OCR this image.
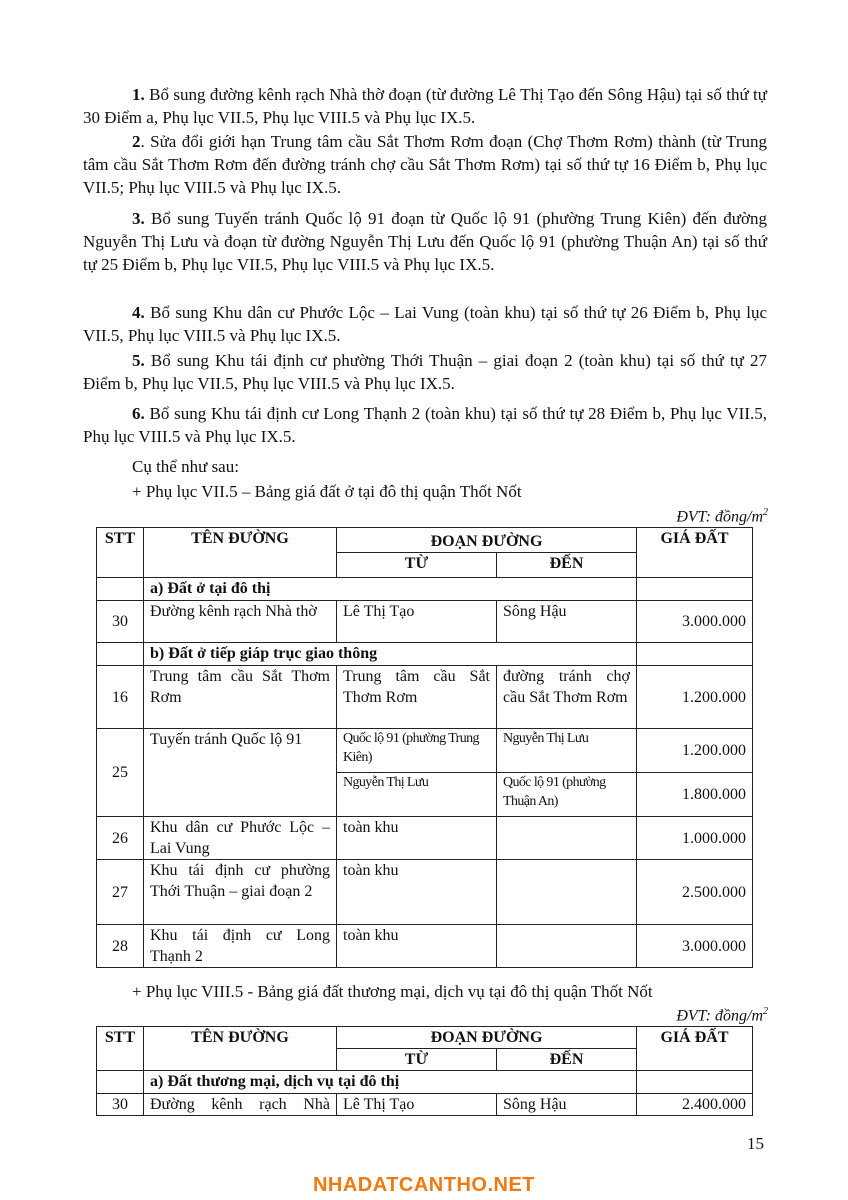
1. Bổ sung đường kênh rạch Nhà thờ đoạn (từ đường Lê Thị Tạo đến Sông Hậu) tại số thứ tự 30 Điểm a, Phụ lục VII.5, Phụ lục VIII.5 và Phụ lục IX.5.

2. Sửa đổi giới hạn Trung tâm cầu Sắt Thơm Rơm đoạn (Chợ Thơm Rơm) thành (từ Trung tâm cầu Sắt Thơm Rơm đến đường tránh chợ cầu Sắt Thơm Rơm) tại số thứ tự 16 Điểm b, Phụ lục VII.5; Phụ lục VIII.5 và Phụ lục IX.5.

3. Bổ sung Tuyến tránh Quốc lộ 91 đoạn từ Quốc lộ 91 (phường Trung Kiên) đến đường Nguyễn Thị Lưu và đoạn từ đường Nguyễn Thị Lưu đến Quốc lộ 91 (phường Thuận An) tại số thứ tự 25 Điểm b, Phụ lục VII.5, Phụ lục VIII.5 và Phụ lục IX.5.

4. Bổ sung Khu dân cư Phước Lộc – Lai Vung (toàn khu) tại số thứ tự 26 Điểm b, Phụ lục VII.5, Phụ lục VIII.5 và Phụ lục IX.5.

5. Bổ sung Khu tái định cư phường Thới Thuận – giai đoạn 2 (toàn khu) tại số thứ tự 27 Điểm b, Phụ lục VII.5, Phụ lục VIII.5 và Phụ lục IX.5.

6. Bổ sung Khu tái định cư Long Thạnh 2 (toàn khu) tại số thứ tự 28 Điểm b, Phụ lục VII.5, Phụ lục VIII.5 và Phụ lục IX.5.

Cụ thể như sau:

+ Phụ lục VII.5 – Bảng giá đất ở tại đô thị quận Thốt Nốt

ĐVT: đồng/$m^2$
STT	TÊN ĐƯỜNG	ĐOẠN ĐƯỜNG		GIÁ ĐẤT
		TỪ	ĐẾN	
	a) Đất ở tại đô thị			
30	Đường kênh rạch Nhà thờ	Lê Thị Tạo	Sông Hậu	3.000.000
	b) Đất ở tiếp giáp trục giao thông			
16	Trung tâm cầu Sắt Thơm Rơm	Trung tâm cầu Sắt Thơm Rơm	đường tránh chợ cầu Sắt Thơm Rơm	1.200.000
25	Tuyến tránh Quốc lộ 91	Quốc lộ 91 (phường Trung Kiên)	Nguyễn Thị Lưu	1.200.000
		Nguyễn Thị Lưu	Quốc lộ 91 (phường Thuận An)	1.800.000
26	Khu dân cư Phước Lộc – Lai Vung	toàn khu		1.000.000
27	Khu tái định cư phường Thới Thuận – giai đoạn 2	toàn khu		2.500.000
28	Khu tái định cư Long Thạnh 2	toàn khu		3.000.000

+ Phụ lục VIII.5 - Bảng giá đất thương mại, dịch vụ tại đô thị quận Thốt Nốt

ĐVT: đồng/$m^2$
STT	TÊN ĐƯỜNG	ĐOẠN ĐƯỜNG		GIÁ ĐẤT
		TỪ	ĐẾN	
	a) Đất thương mại, dịch vụ tại đô thị			
30	Đường kênh rạch Nhà	Lê Thị Tạo	Sông Hậu	2.400.000
15
NHADATCANTHO.NET
